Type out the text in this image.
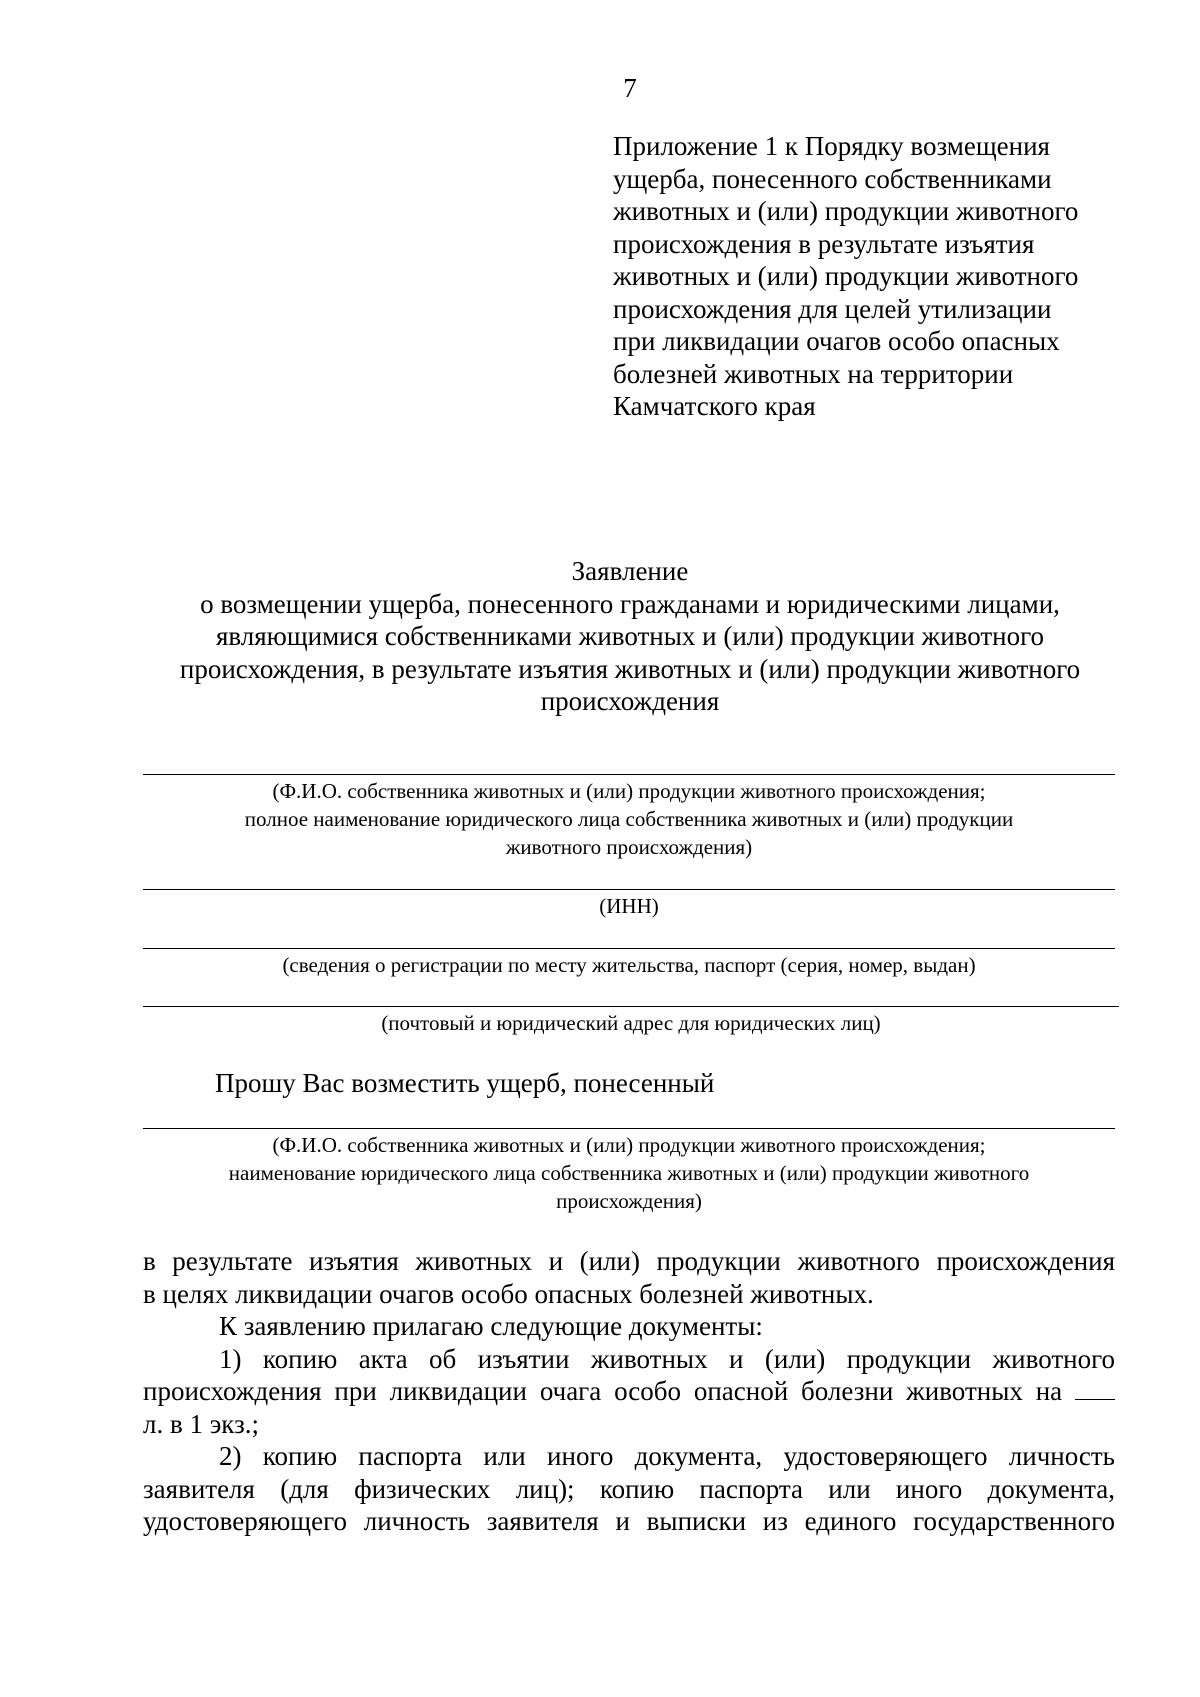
7
Приложение 1 к Порядку возмещения
ущерба, понесенного собственниками
животных и (или) продукции животного
происхождения в результате изъятия
животных и (или) продукции животного
происхождения для целей утилизации
при ликвидации очагов особо опасных
болезней животных на территории
Камчатского края
Заявление
о возмещении ущерба, понесенного гражданами и юридическими лицами,
являющимися собственниками животных и (или) продукции животного
происхождения, в результате изъятия животных и (или) продукции животного
происхождения
(Ф.И.О. собственника животных и (или) продукции животного происхождения;
полное наименование юридического лица собственника животных и (или) продукции
животного происхождения)
(ИНН)
(сведения о регистрации по месту жительства, паспорт (серия, номер, выдан)
(почтовый и юридический адрес для юридических лиц)
Прошу Вас возместить ущерб, понесенный
(Ф.И.О. собственника животных и (или) продукции животного происхождения;
наименование юридического лица собственника животных и (или) продукции животного
происхождения)
в результате изъятия животных и (или) продукции животного происхождения
в целях ликвидации очагов особо опасных болезней животных.
К заявлению прилагаю следующие документы:
1) копию акта об изъятии животных и (или) продукции животного
происхождения при ликвидации очага особо опасной болезни животных на
л. в 1 экз.;
2) копию паспорта или иного документа, удостоверяющего личность
заявителя (для физических лиц); копию паспорта или иного документа,
удостоверяющего личность заявителя и выписки из единого государственного
